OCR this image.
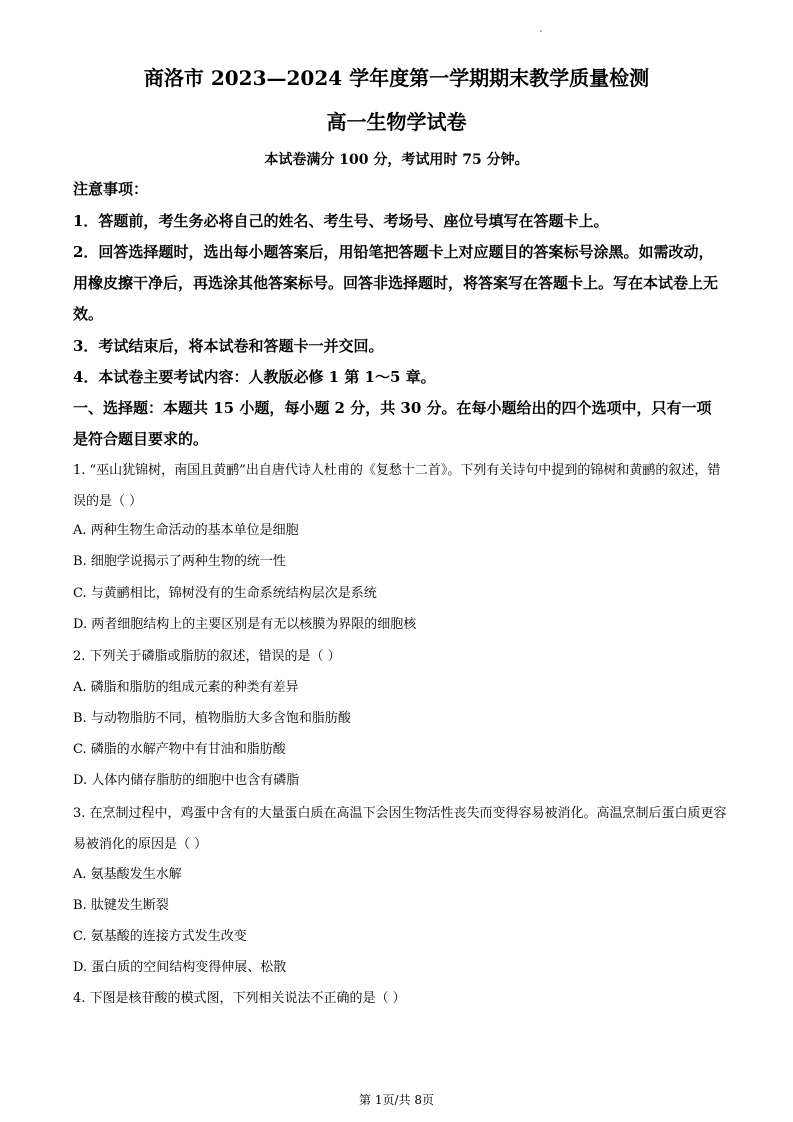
商洛市 2023—2024 学年度第一学期期末教学质量检测
高一生物学试卷
本试卷满分 100 分，考试用时 75 分钟。
注意事项：
1．答题前，考生务必将自己的姓名、考生号、考场号、座位号填写在答题卡上。
2．回答选择题时，选出每小题答案后，用铅笔把答题卡上对应题目的答案标号涂黑。如需改动，用橡皮擦干净后，再选涂其他答案标号。回答非选择题时，将答案写在答题卡上。写在本试卷上无效。
3．考试结束后，将本试卷和答题卡一并交回。
4．本试卷主要考试内容：人教版必修 1 第 1～5 章。
一、选择题：本题共 15 小题，每小题 2 分，共 30 分。在每小题给出的四个选项中，只有一项是符合题目要求的。
1. “巫山犹锦树，南国且黄鹂”出自唐代诗人杜甫的《复愁十二首》。下列有关诗句中提到的锦树和黄鹂的叙述，错误的是（ ）
A. 两种生物生命活动的基本单位是细胞
B. 细胞学说揭示了两种生物的统一性
C. 与黄鹂相比，锦树没有的生命系统结构层次是系统
D. 两者细胞结构上的主要区别是有无以核膜为界限的细胞核
2. 下列关于磷脂或脂肪的叙述，错误的是（ ）
A. 磷脂和脂肪的组成元素的种类有差异
B. 与动物脂肪不同，植物脂肪大多含饱和脂肪酸
C. 磷脂的水解产物中有甘油和脂肪酸
D. 人体内储存脂肪的细胞中也含有磷脂
3. 在烹制过程中，鸡蛋中含有的大量蛋白质在高温下会因生物活性丧失而变得容易被消化。高温烹制后蛋白质更容易被消化的原因是（ ）
A. 氨基酸发生水解
B. 肽键发生断裂
C. 氨基酸的连接方式发生改变
D. 蛋白质的空间结构变得伸展、松散
4. 下图是核苷酸的模式图，下列相关说法不正确的是（ ）
第 1页/共 8页
